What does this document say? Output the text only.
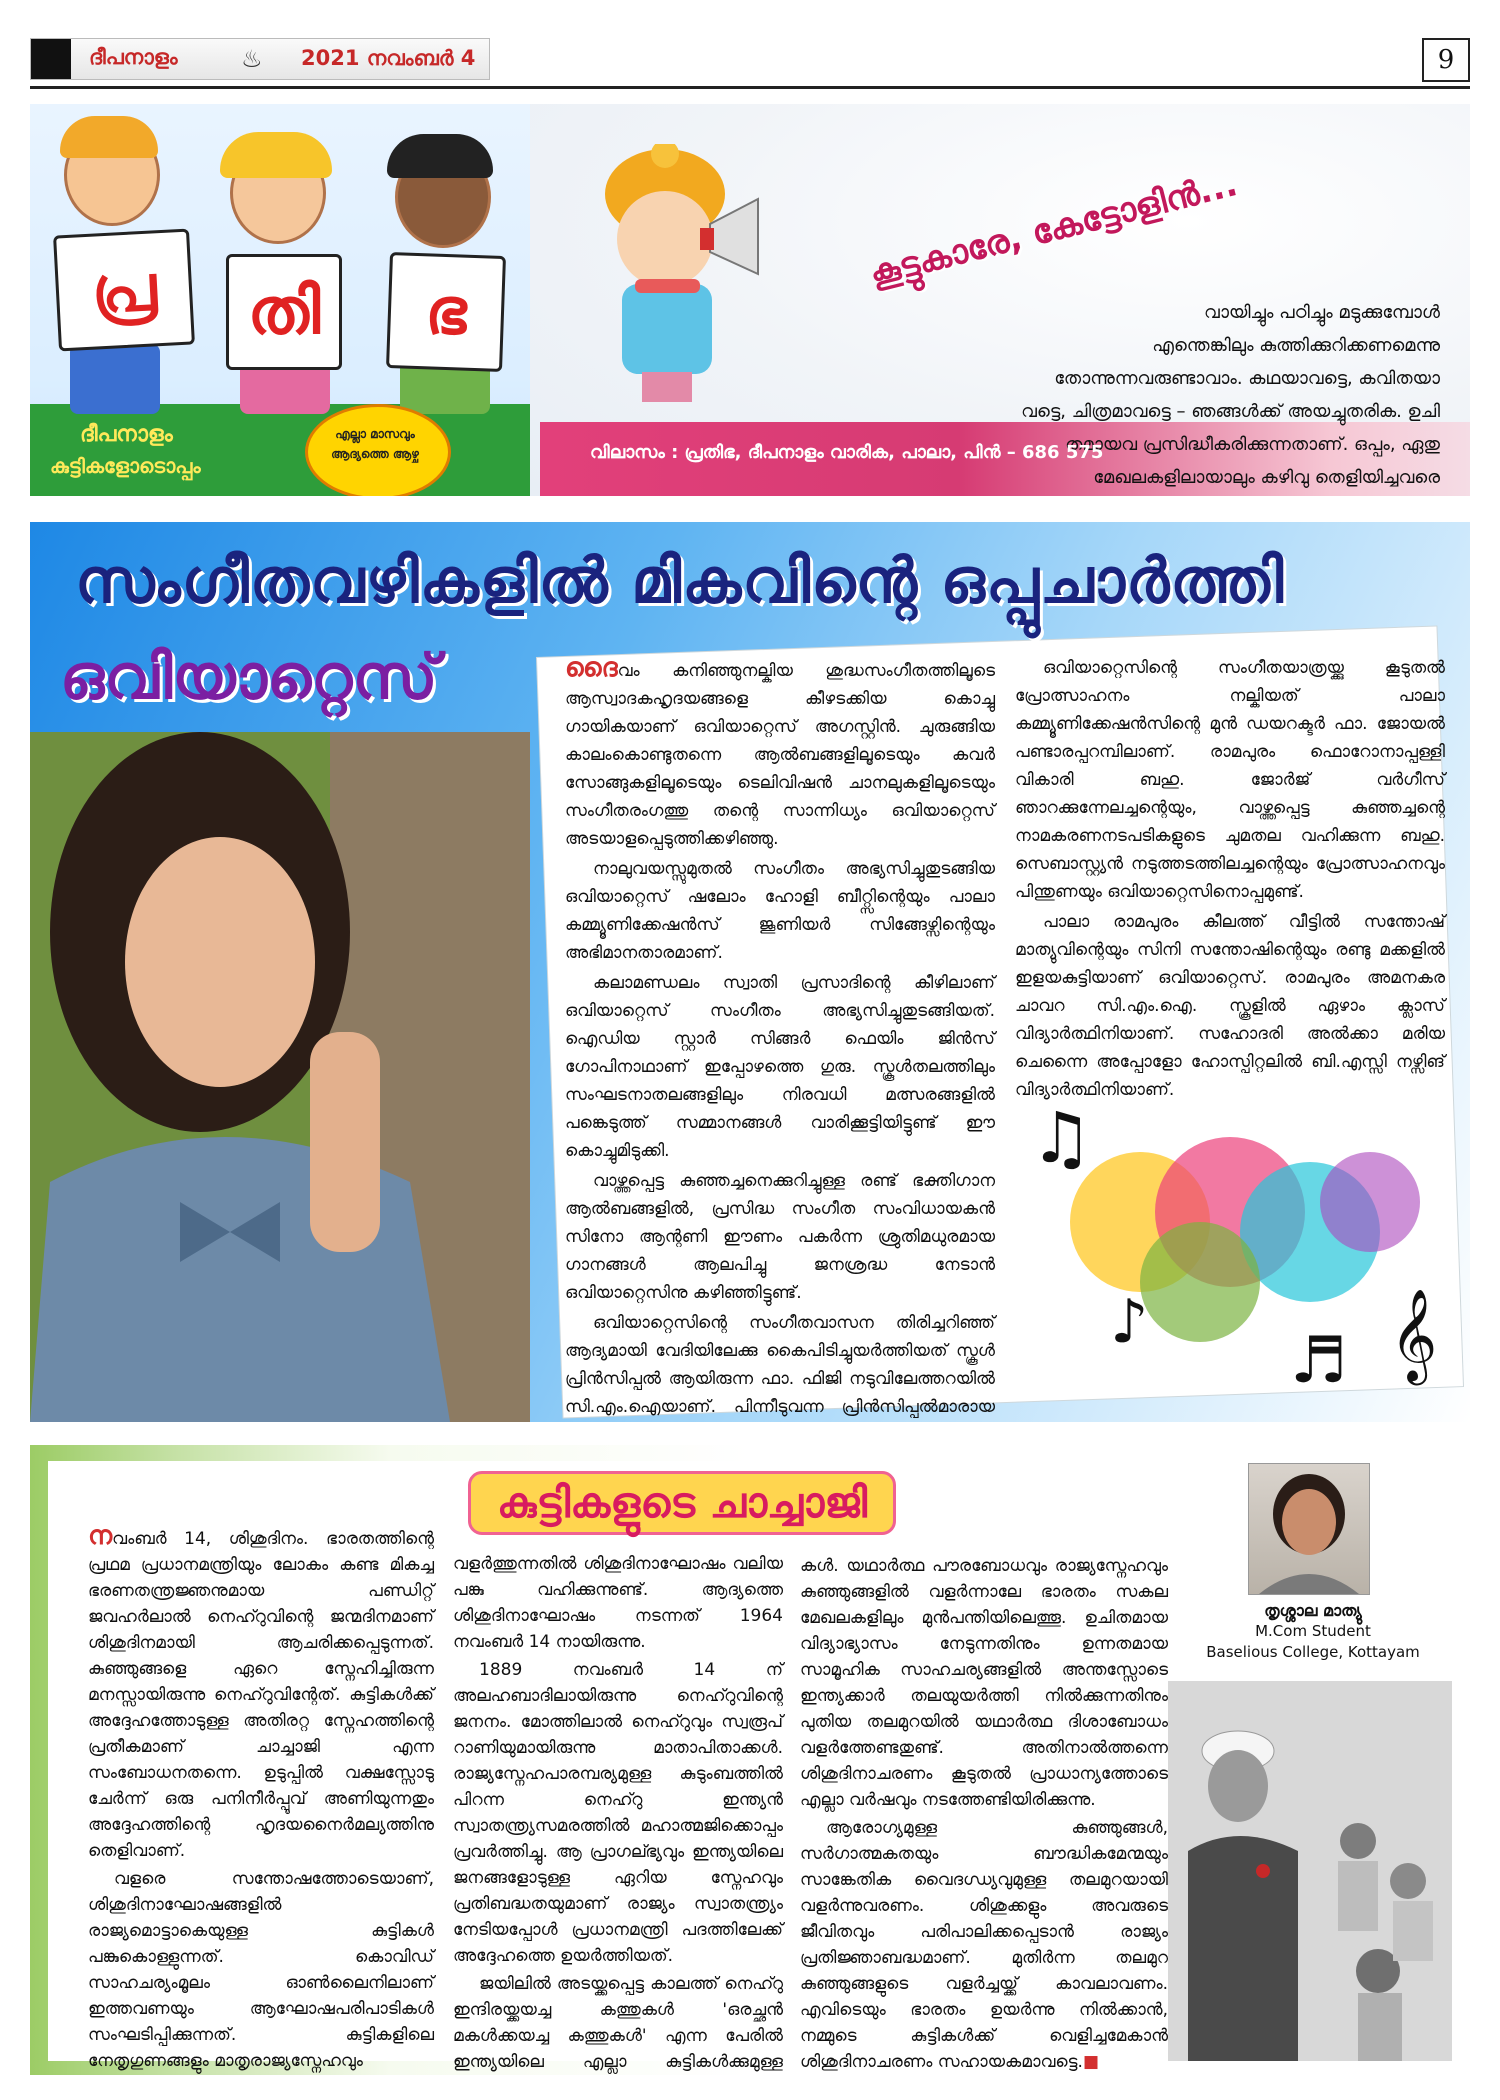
ദീപനാളം	♨ 2021 നവംബർ 4	9
പ്ര	തി	ഭ
ദീപനാളം
കുട്ടികളോടൊപ്പം
എല്ലാ മാസവും
ആദ്യത്തെ ആഴ്ച
കൂട്ടുകാരേ, കേട്ടോളിൻ...
വായിച്ചും പഠിച്ചും മടുക്കുമ്പോൾ
എന്തെങ്കിലും കുത്തിക്കുറിക്കണമെന്നു
തോന്നുന്നവരുണ്ടാവാം. കഥയാവട്ടെ, കവിതയാ
വട്ടെ, ചിത്രമാവട്ടെ – ഞങ്ങൾക്ക് അയച്ചുതരിക. ഉചി
തമായവ പ്രസിദ്ധീകരിക്കുന്നതാണ്. ഒപ്പം, ഏതു
മേഖലകളിലായാലും കഴിവു തെളിയിച്ചവരെ
വിലാസം : പ്രതിഭ, ദീപനാളം വാരിക, പാലാ, പിൻ – 686 575
സംഗീതവഴികളിൽ മികവിന്റെ ഒപ്പുചാർത്തി
ഒവിയാറ്റെസ്	ദൈവം കനിഞ്ഞുനല്കിയ ശുദ്ധസംഗീതത്തിലൂടെ ആസ്വാദകഹൃദയങ്ങളെ കീഴടക്കിയ കൊച്ചു ഗായികയാണ് ഒവിയാറ്റെസ് അഗസ്റ്റിൻ. ചുരുങ്ങിയ കാലംകൊണ്ടുതന്നെ ആൽബങ്ങളിലൂടെയും കവർ സോങ്ങുകളിലൂടെയും ടെലിവിഷൻ ചാനലുകളിലൂടെയും സംഗീതരംഗത്തു തന്റെ സാന്നിധ്യം ഒവിയാറ്റെസ് അടയാളപ്പെടുത്തിക്കഴിഞ്ഞു.

നാലുവയസ്സുമുതൽ സംഗീതം അഭ്യസിച്ചുതുടങ്ങിയ ഒവിയാറ്റെസ് ഷലോം ഹോളി ബീറ്റ്സിന്റെയും പാലാ കമ്മ്യൂണിക്കേഷൻസ് ജൂണിയർ സിങ്ങേഴ്സിന്റെയും അഭിമാനതാരമാണ്.

കലാമണ്ഡലം സ്വാതി പ്രസാദിന്റെ കീഴിലാണ് ഒവിയാറ്റെസ് സംഗീതം അഭ്യസിച്ചുതുടങ്ങിയത്. ഐഡിയ സ്റ്റാർ സിങ്ങർ ഫെയിം ജിൻസ് ഗോപിനാഥാണ് ഇപ്പോഴത്തെ ഗുരു. സ്കൂൾതലത്തിലും സംഘടനാതലങ്ങളിലും നിരവധി മത്സരങ്ങളിൽ പങ്കെടുത്ത് സമ്മാനങ്ങൾ വാരിക്കൂട്ടിയിട്ടുണ്ട് ഈ കൊച്ചുമിടുക്കി.

വാഴ്ത്തപ്പെട്ട കുഞ്ഞച്ചനെക്കുറിച്ചുള്ള രണ്ട് ഭക്തിഗാന ആൽബങ്ങളിൽ, പ്രസിദ്ധ സംഗീത സംവിധായകൻ സിനോ ആന്റണി ഈണം പകർന്ന ശ്രുതിമധുരമായ ഗാനങ്ങൾ ആലപിച്ചു ജനശ്രദ്ധ നേടാൻ ഒവിയാറ്റെസിനു കഴിഞ്ഞിട്ടുണ്ട്.

ഒവിയാറ്റെസിന്റെ സംഗീതവാസന തിരിച്ചറിഞ്ഞ് ആദ്യമായി വേദിയിലേക്കു കൈപിടിച്ചുയർത്തിയത് സ്കൂൾ പ്രിൻസിപ്പൽ ആയിരുന്ന ഫാ. ഫിജി നടുവിലേത്തറയിൽ സി.എം.ഐയാണ്. പിന്നീടുവന്ന പ്രിൻസിപ്പൽമാരായ

ഒവിയാറ്റെസിന്റെ സംഗീതയാത്രയ്ക്കു കൂടുതൽ പ്രോത്സാഹനം നല്കിയത് പാലാ കമ്മ്യൂണിക്കേഷൻസിന്റെ മുൻ ഡയറക്ടർ ഫാ. ജോയൽ പണ്ടാരപ്പറമ്പിലാണ്. രാമപുരം ഫൊറോനാപ്പള്ളി വികാരി ബഹു. ജോർജ് വർഗീസ് ഞാറക്കുന്നേലച്ചന്റെയും, വാഴ്ത്തപ്പെട്ട കുഞ്ഞച്ചന്റെ നാമകരണനടപടികളുടെ ചുമതല വഹിക്കുന്ന ബഹു. സെബാസ്റ്റ്യൻ നടുത്തടത്തിലച്ചന്റെയും പ്രോത്സാഹനവും പിന്തുണയും ഒവിയാറ്റെസിനൊപ്പമുണ്ട്.

പാലാ രാമപുരം കീലത്ത് വീട്ടിൽ സന്തോഷ് മാത്യുവിന്റെയും സിനി സന്തോഷിന്റെയും രണ്ടു മക്കളിൽ ഇളയകുട്ടിയാണ് ഒവിയാറ്റെസ്. രാമപുരം അമനകര ചാവറ സി.എം.ഐ. സ്കൂളിൽ ഏഴാം ക്ലാസ് വിദ്യാർത്ഥിനിയാണ്. സഹോദരി അൽക്കാ മരിയ ചെന്നൈ അപ്പോളോ ഹോസ്പിറ്റലിൽ ബി.എസ്സി നഴ്സിങ് വിദ്യാർത്ഥിനിയാണ്.

♫
♪
♬ 𝄞
കുട്ടികളുടെ ചാച്ചാജി

നവംബർ 14, ശിശുദിനം. ഭാരതത്തിന്റെ പ്രഥമ പ്രധാനമന്ത്രിയും ലോകം കണ്ട മികച്ച ഭരണതന്ത്രജ്ഞനുമായ പണ്ഡിറ്റ് ജവഹർലാൽ നെഹ്റുവിന്റെ ജന്മദിനമാണ് ശിശുദിനമായി ആചരിക്കപ്പെടുന്നത്. കുഞ്ഞുങ്ങളെ ഏറെ സ്നേഹിച്ചിരുന്ന മനസ്സായിരുന്നു നെഹ്റുവിന്റേത്. കുട്ടികൾക്ക് അദ്ദേഹത്തോടുള്ള അതിരറ്റ സ്നേഹത്തിന്റെ പ്രതീകമാണ് ചാച്ചാജി എന്ന സംബോധനതന്നെ. ഉടുപ്പിൽ വക്ഷസ്സോടു ചേർന്ന് ഒരു പനിനീർപ്പൂവ് അണിയുന്നതും അദ്ദേഹത്തിന്റെ ഹൃദയനൈർമല്യത്തിനു തെളിവാണ്.

വളരെ സന്തോഷത്തോടെയാണ്, ശിശുദിനാഘോഷങ്ങളിൽ രാജ്യമൊട്ടാകെയുള്ള കുട്ടികൾ പങ്കുകൊള്ളുന്നത്. കൊവിഡ് സാഹചര്യംമൂലം ഓൺലൈനിലാണ് ഇത്തവണയും ആഘോഷപരിപാടികൾ സംഘടിപ്പിക്കുന്നത്. കുട്ടികളിലെ നേതൃഗുണങ്ങളും മാതൃരാജ്യസ്നേഹവും

വളർത്തുന്നതിൽ ശിശുദിനാഘോഷം വലിയ പങ്കു വഹിക്കുന്നുണ്ട്. ആദ്യത്തെ ശിശുദിനാഘോഷം നടന്നത് 1964 നവംബർ 14 നായിരുന്നു.

1889 നവംബർ 14 ന് അലഹബാദിലായിരുന്നു നെഹ്റുവിന്റെ ജനനം. മോത്തിലാൽ നെഹ്റുവും സ്വരൂപ് റാണിയുമായിരുന്നു മാതാപിതാക്കൾ. രാജ്യസ്നേഹപാരമ്പര്യമുള്ള കുടുംബത്തിൽ പിറന്ന നെഹ്റു ഇന്ത്യൻ സ്വാതന്ത്ര്യസമരത്തിൽ മഹാത്മജിക്കൊപ്പം പ്രവർത്തിച്ചു. ആ പ്രാഗല്ഭ്യവും ഇന്ത്യയിലെ ജനങ്ങളോടുള്ള ഏറിയ സ്നേഹവും പ്രതിബദ്ധതയുമാണ് രാജ്യം സ്വാതന്ത്ര്യം നേടിയപ്പോൾ പ്രധാനമന്ത്രി പദത്തിലേക്ക് അദ്ദേഹത്തെ ഉയർത്തിയത്.

ജയിലിൽ അടയ്ക്കപ്പെട്ട കാലത്ത് നെഹ്റു ഇന്ദിരയ്ക്കയച്ച കത്തുകൾ 'ഒരച്ഛൻ മകൾക്കയച്ച കത്തുകൾ' എന്ന പേരിൽ ഇന്ത്യയിലെ എല്ലാ കുട്ടികൾക്കുമുള്ള

കൾ. യഥാർത്ഥ പൗരബോധവും രാജ്യസ്നേഹവും കുഞ്ഞുങ്ങളിൽ വളർന്നാലേ ഭാരതം സകല മേഖലകളിലും മുൻപന്തിയിലെത്തൂ. ഉചിതമായ വിദ്യാഭ്യാസം നേടുന്നതിനും ഉന്നതമായ സാമൂഹിക സാഹചര്യങ്ങളിൽ അന്തസ്സോടെ ഇന്ത്യക്കാർ തലയുയർത്തി നിൽക്കുന്നതിനും പുതിയ തലമുറയിൽ യഥാർത്ഥ ദിശാബോധം വളർത്തേണ്ടതുണ്ട്. അതിനാൽത്തന്നെ ശിശുദിനാചരണം കൂടുതൽ പ്രാധാന്യത്തോടെ എല്ലാ വർഷവും നടത്തേണ്ടിയിരിക്കുന്നു.

ആരോഗ്യമുള്ള കുഞ്ഞുങ്ങൾ, സർഗാത്മകതയും ബൗദ്ധികമേന്മയും സാങ്കേതിക വൈദഗ്ധ്യവുമുള്ള തലമുറയായി വളർന്നുവരണം. ശിശുക്കളും അവരുടെ ജീവിതവും പരിപാലിക്കപ്പെടാൻ രാജ്യം പ്രതിജ്ഞാബദ്ധമാണ്. മുതിർന്ന തലമുറ കുഞ്ഞുങ്ങളുടെ വളർച്ചയ്ക്ക് കാവലാവണം. എവിടെയും ഭാരതം ഉയർന്നു നിൽക്കാൻ, നമ്മുടെ കുട്ടികൾക്ക് വെളിച്ചമേകാൻ ശിശുദിനാചരണം സഹായകമാവട്ടെ.■

തൃശ്ശാല മാത്യു
M.Com Student
Baselious College, Kottayam
